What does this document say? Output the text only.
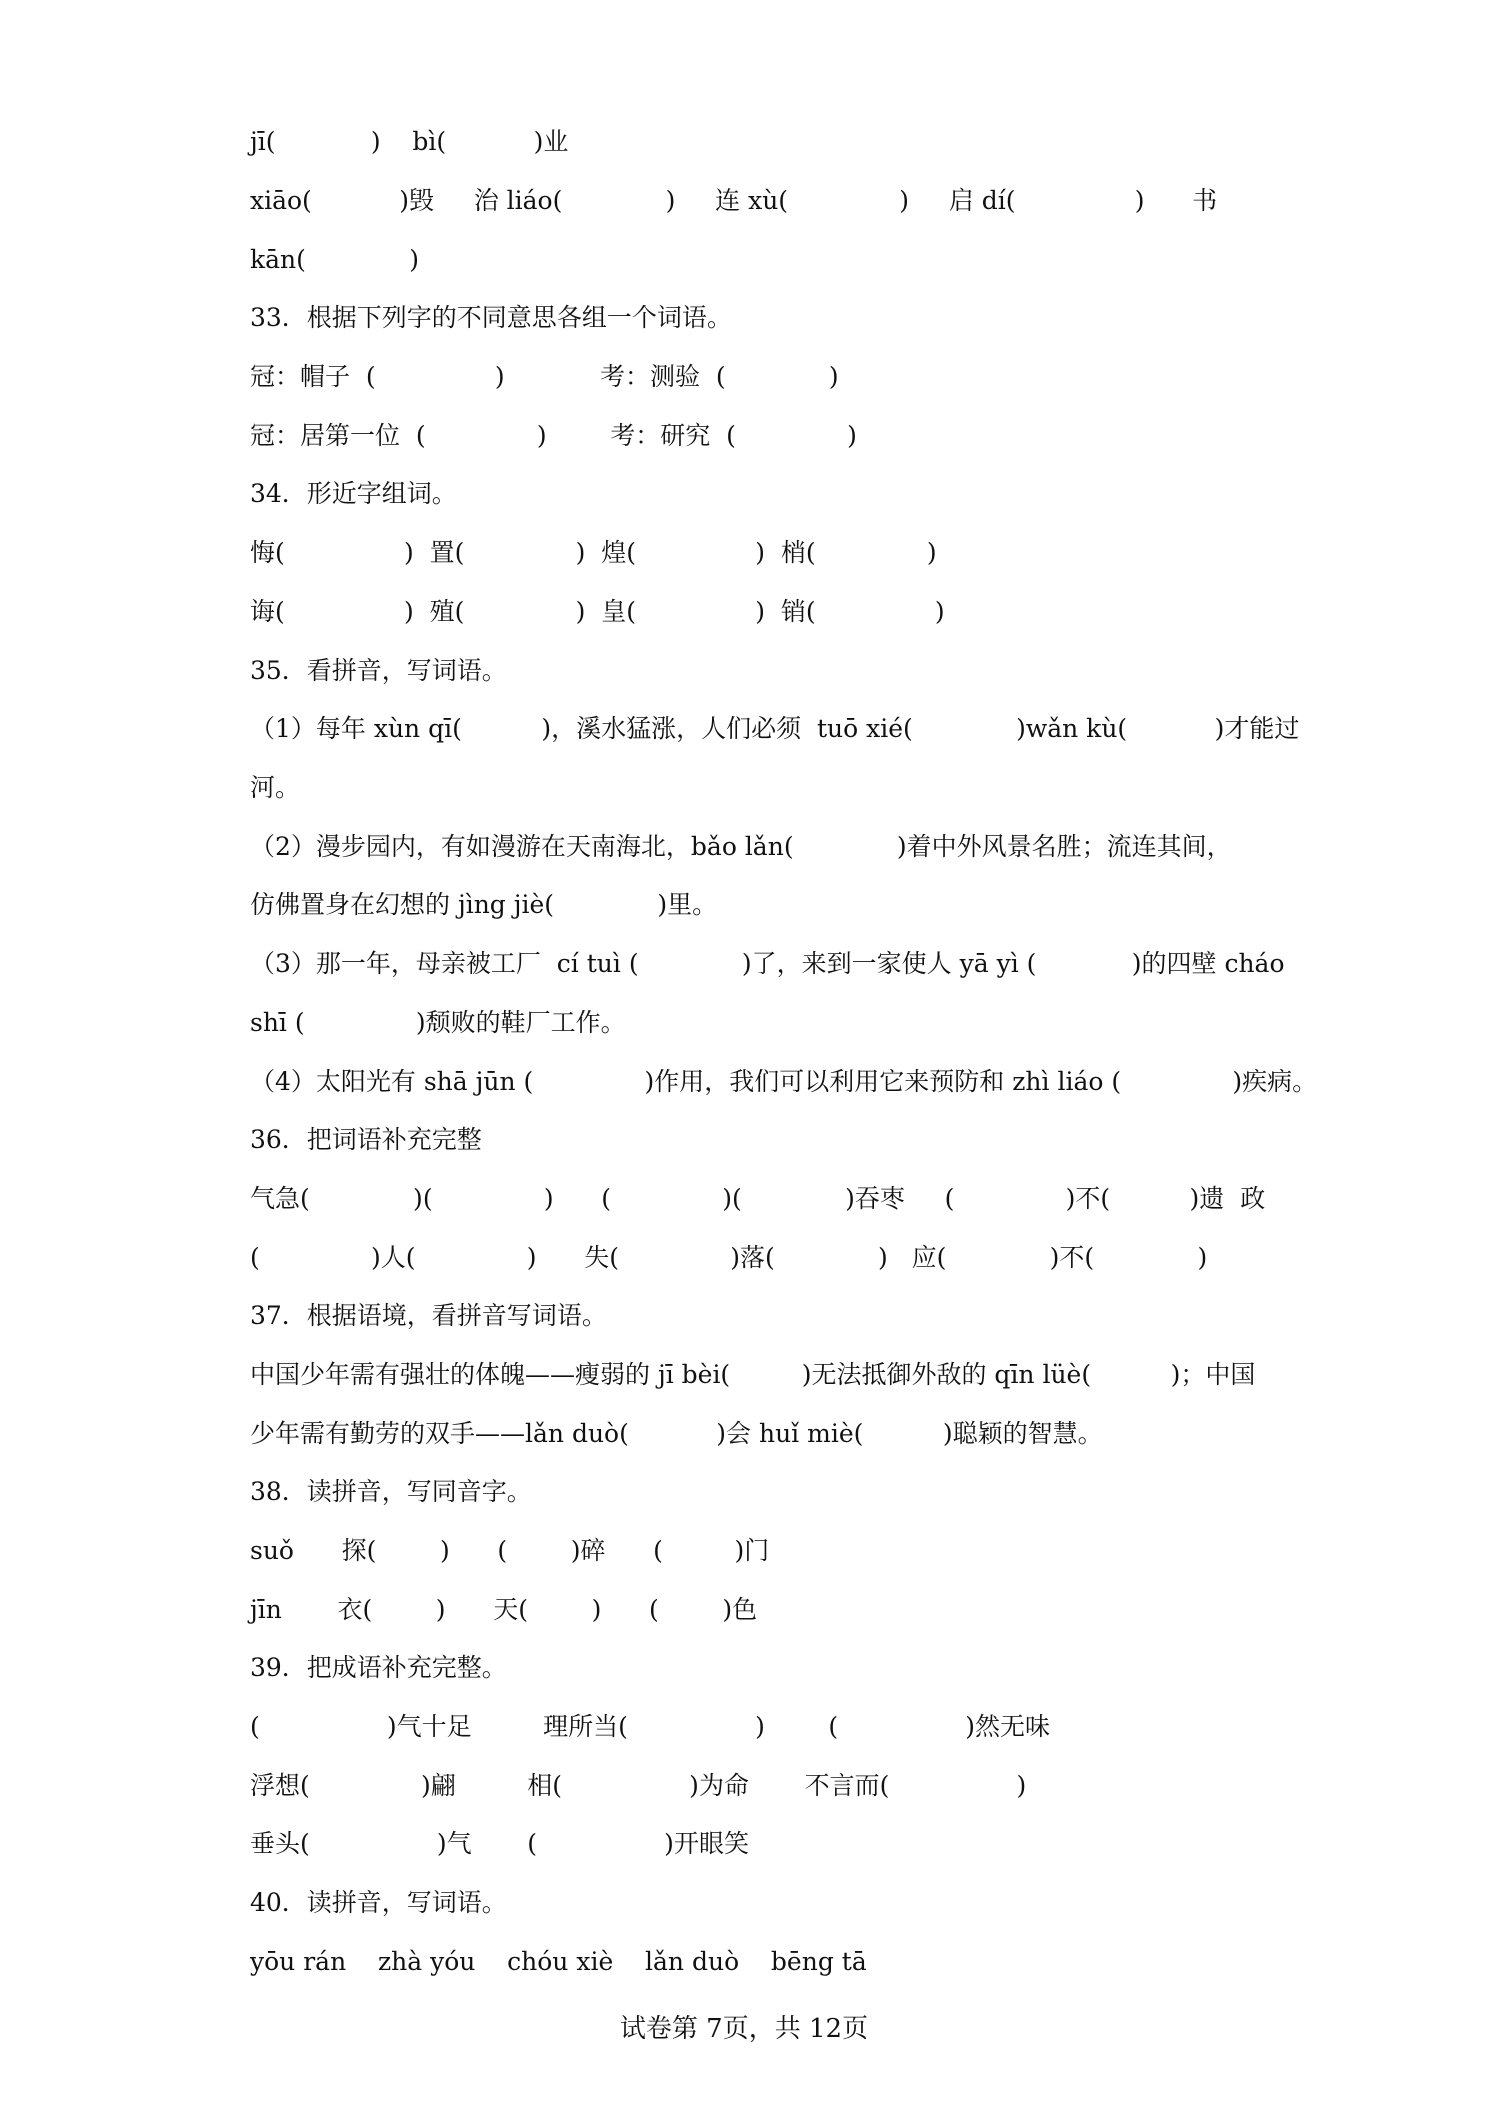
jī(            )    bì(           )业
xiāo(           )毁     治 liáo(             )     连 xù(              )     启 dí(               )      书
kān(             )
33．根据下列字的不同意思各组一个词语。
冠：帽子  (               )            考：测验  (             )
冠：居第一位  (              )        考：研究  (              )
34．形近字组词。
悔(               )  置(              )  煌(               )  梢(              )
诲(               )  殖(              )  皇(               )  销(               )
35．看拼音，写词语。
（1）每年 xùn qī(          )，溪水猛涨，人们必须  tuō xié(             )wǎn kù(           )才能过
河。
（2）漫步园内，有如漫游在天南海北，bǎo lǎn(             )着中外风景名胜；流连其间，
仿佛置身在幻想的 jìng jiè(             )里。
（3）那一年，母亲被工厂  cí tuì (             )了，来到一家使人 yā yì (            )的四壁 cháo
shī (              )颓败的鞋厂工作。
（4）太阳光有 shā jūn (              )作用，我们可以利用它来预防和 zhì liáo (              )疾病。
36．把词语补充完整
气急(             )(              )      (              )(             )吞枣     (              )不(          )遗  政
(              )人(              )      失(              )落(             )   应(             )不(             )
37．根据语境，看拼音写词语。
中国少年需有强壮的体魄——瘦弱的 jī bèi(         )无法抵御外敌的 qīn lüè(          )；中国
少年需有勤劳的双手——lǎn duò(           )会 huǐ miè(          )聪颖的智慧。
38．读拼音，写同音字。
suǒ      探(        )      (        )碎      (         )门
jīn       衣(        )      天(        )      (        )色
39．把成语补充完整。
(                )气十足         理所当(                )        (                )然无味
浮想(              )翩         相(                )为命       不言而(                )
垂头(                )气       (                )开眼笑
40．读拼音，写词语。
yōu rán    zhà yóu    chóu xiè    lǎn duò    bēng tā
试卷第 7页，共 12页
